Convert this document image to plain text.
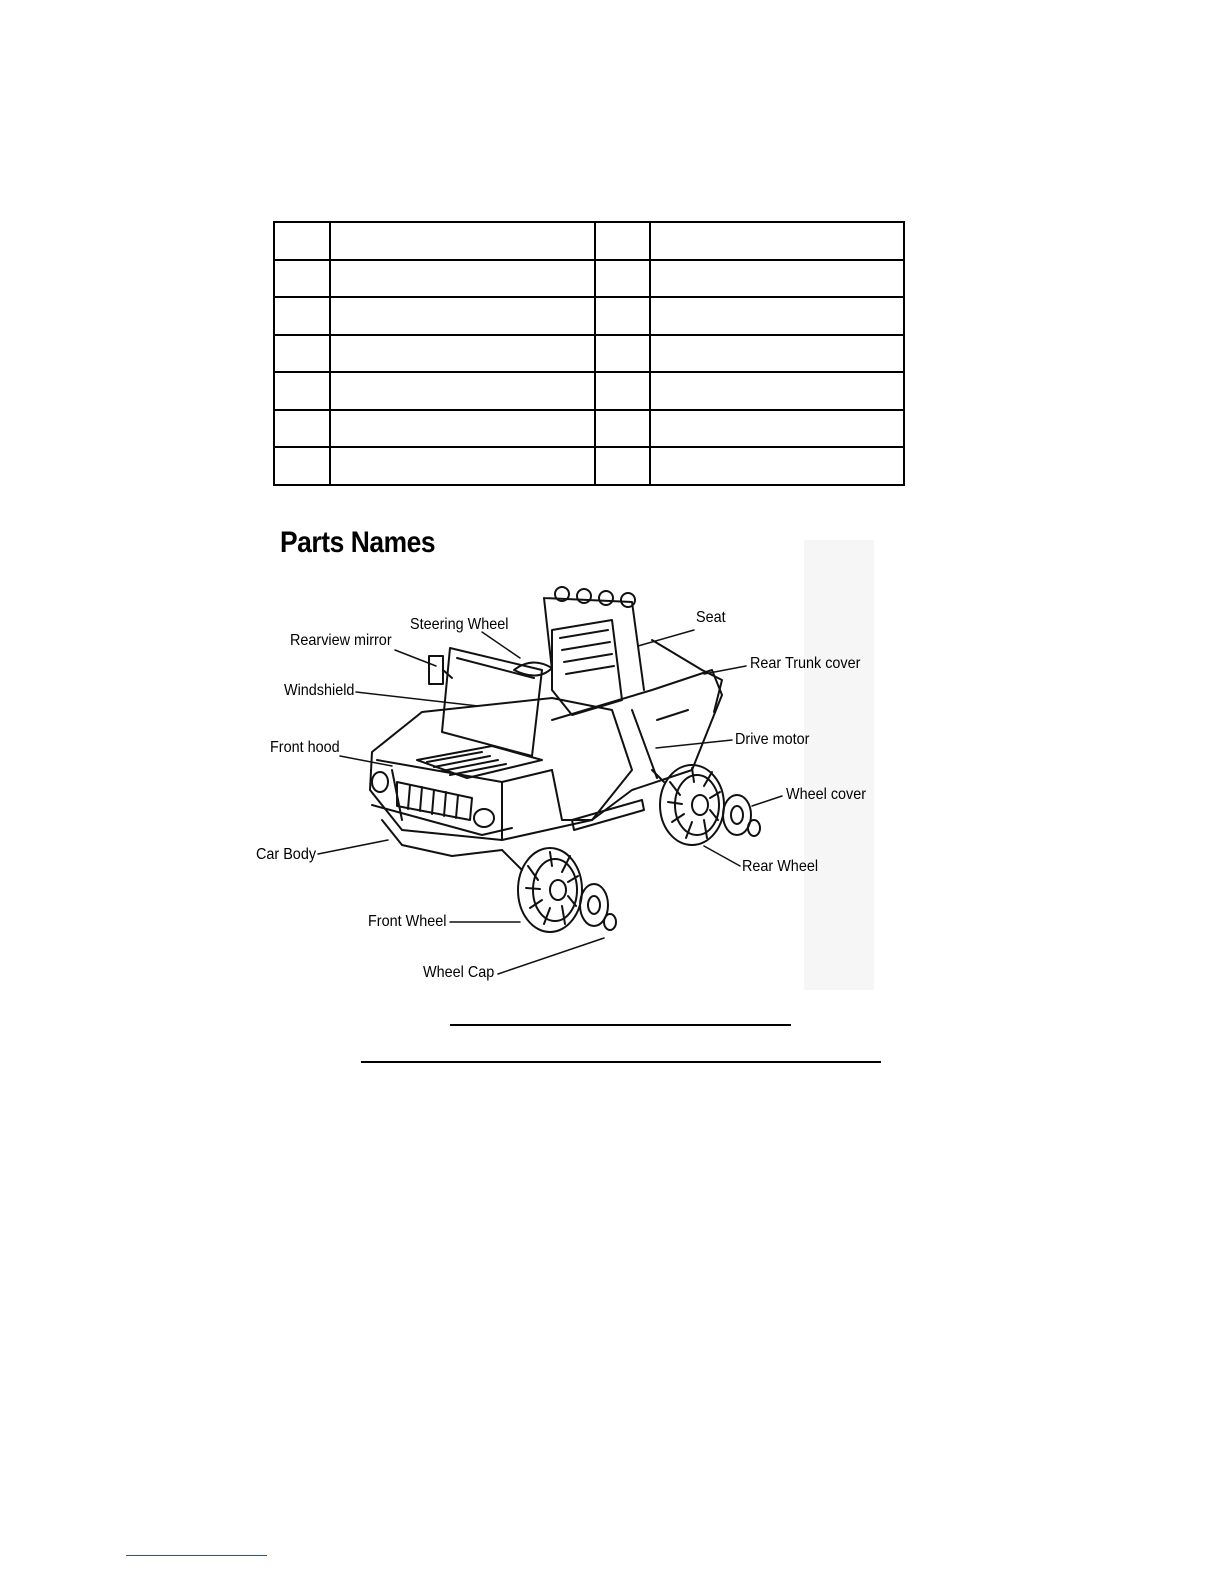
Parts Names
Rearview mirror
Steering Wheel	Seat
Rear Trunk cover
Windshield
Front hood	Drive motor
Wheel cover
Car Body
Rear Wheel
Front Wheel
Wheel Cap
